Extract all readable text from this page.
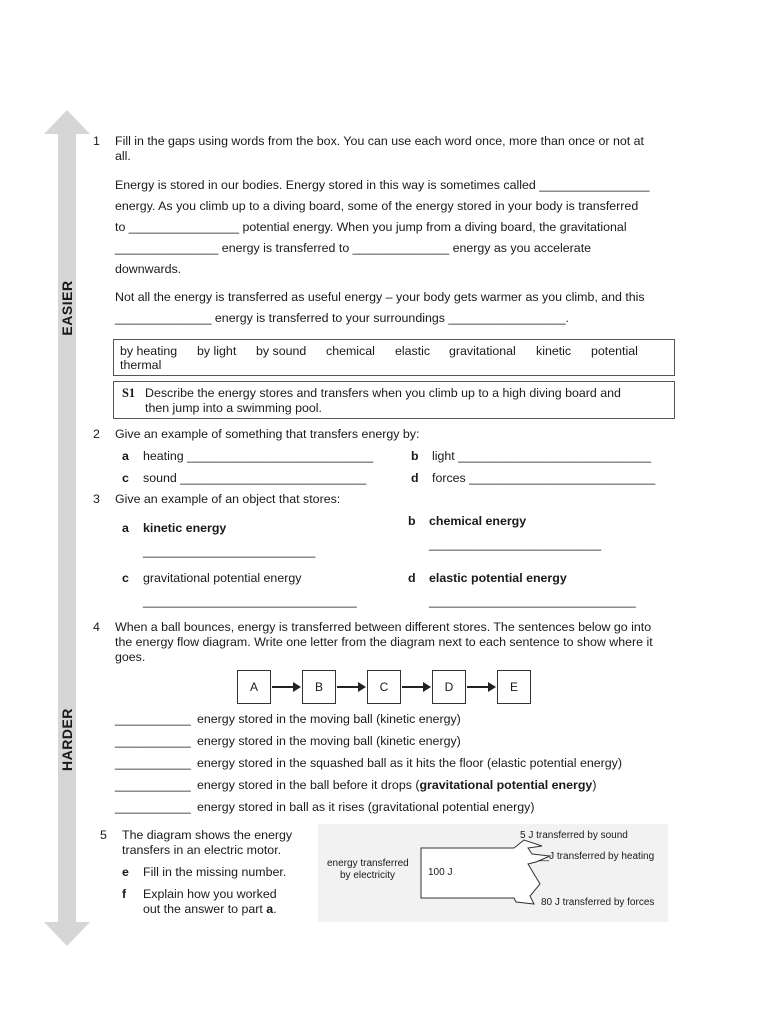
EASIER
HARDER
1 Fill in the gaps using words from the box. You can use each word once, more than once or not at
all.
Energy is stored in our bodies. Energy stored in this way is sometimes called ________________
energy. As you climb up to a diving board, some of the energy stored in your body is transferred
to ________________ potential energy. When you jump from a diving board, the gravitational
_______________ energy is transferred to ______________ energy as you accelerate
downwards.
Not all the energy is transferred as useful energy – your body gets warmer as you climb, and this
______________ energy is transferred to your surroundings _________________.
by heating by light by sound chemical elastic gravitational kinetic potential
thermal
S1 Describe the energy stores and transfers when you climb up to a high diving board and
then jump into a swimming pool.
2 Give an example of something that transfers energy by:
a heating ___________________________	b light ____________________________
c sound ___________________________	d forces ___________________________
3 Give an example of an object that stores:
a kinetic energy
_________________________
b chemical energy
_________________________
c gravitational potential energy
_______________________________
d elastic potential energy
______________________________
4 When a ball bounces, energy is transferred between different stores. The sentences below go into
the energy flow diagram. Write one letter from the diagram next to each sentence to show where it
goes.
A	B	C	D	E
___________ energy stored in the moving ball (kinetic energy)
___________ energy stored in the moving ball (kinetic energy)
___________ energy stored in the squashed ball as it hits the floor (elastic potential energy)
___________ energy stored in the ball before it drops (gravitational potential energy)
___________ energy stored in ball as it rises (gravitational potential energy)
5 The diagram shows the energy
transfers in an electric motor.
e Fill in the missing number.
f Explain how you worked
out the answer to part a.
energy transferred
by electricity	100 J
5 J transferred by sound
__J transferred by heating
80 J transferred by forces
